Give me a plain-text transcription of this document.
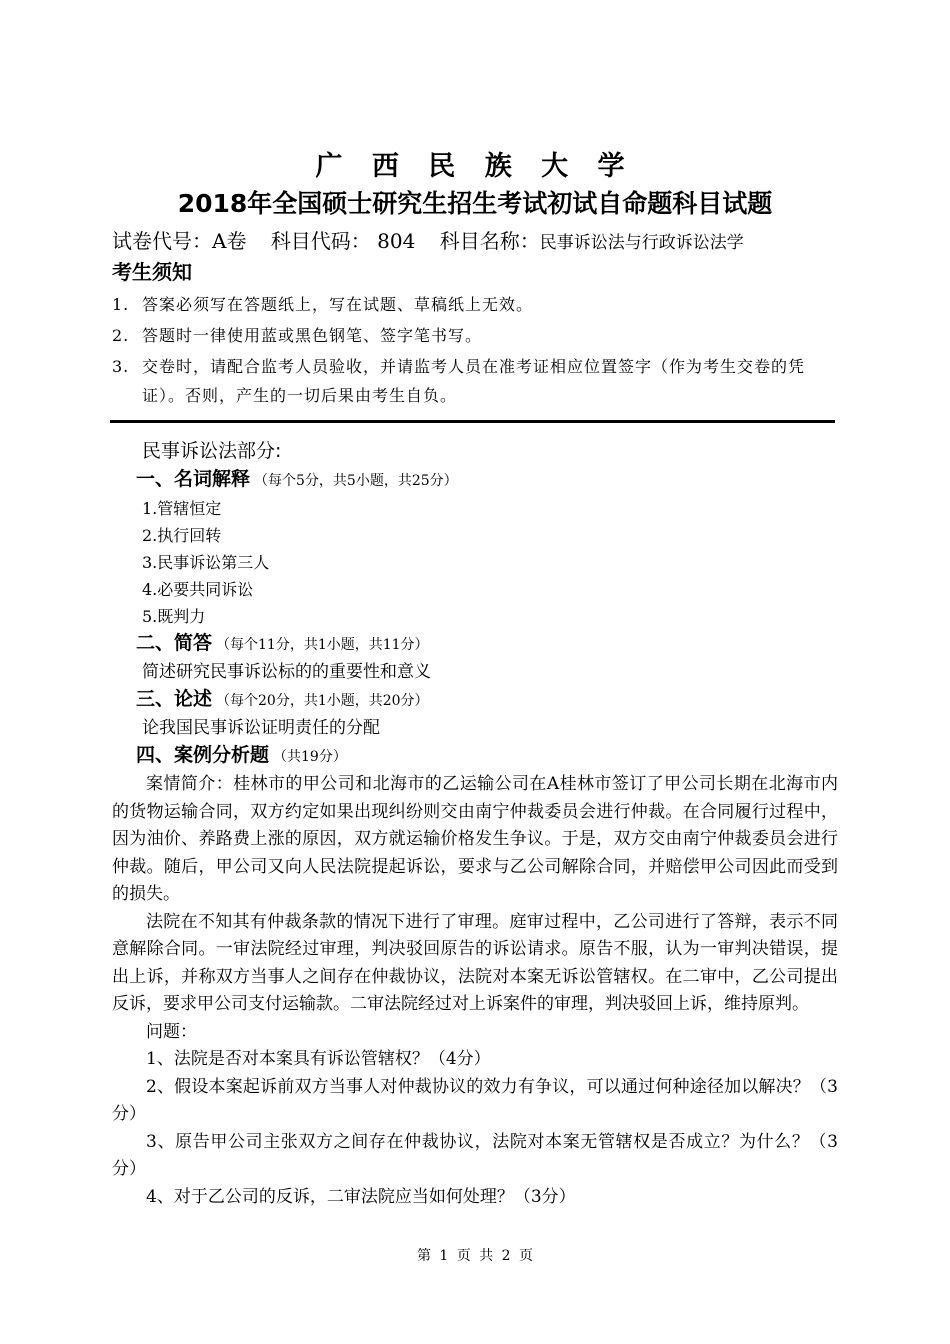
广 西 民 族 大 学
2018年全国硕士研究生招生考试初试自命题科目试题
试卷代号：A卷 科目代码： 804 科目名称：民事诉讼法与行政诉讼法学
考生须知
1. 答案必须写在答题纸上，写在试题、草稿纸上无效。
2. 答题时一律使用蓝或黑色钢笔、签字笔书写。
3. 交卷时，请配合监考人员验收，并请监考人员在准考证相应位置签字（作为考生交卷的凭证）。否则，产生的一切后果由考生自负。
民事诉讼法部分:
一、名词解释 （每个5分，共5小题，共25分）
1.管辖恒定
2.执行回转
3.民事诉讼第三人
4.必要共同诉讼
5.既判力
二、简答 （每个11分，共1小题，共11分）
简述研究民事诉讼标的的重要性和意义
三、论述 （每个20分，共1小题，共20分）
论我国民事诉讼证明责任的分配
四、案例分析题 （共19分）
案情简介：桂林市的甲公司和北海市的乙运输公司在A桂林市签订了甲公司长期在北海市内的货物运输合同，双方约定如果出现纠纷则交由南宁仲裁委员会进行仲裁。在合同履行过程中，因为油价、养路费上涨的原因，双方就运输价格发生争议。于是，双方交由南宁仲裁委员会进行仲裁。随后，甲公司又向人民法院提起诉讼，要求与乙公司解除合同，并赔偿甲公司因此而受到的损失。
法院在不知其有仲裁条款的情况下进行了审理。庭审过程中，乙公司进行了答辩，表示不同意解除合同。一审法院经过审理，判决驳回原告的诉讼请求。原告不服，认为一审判决错误，提出上诉，并称双方当事人之间存在仲裁协议，法院对本案无诉讼管辖权。在二审中，乙公司提出反诉，要求甲公司支付运输款。二审法院经过对上诉案件的审理，判决驳回上诉，维持原判。
问题：
1、法院是否对本案具有诉讼管辖权？（4分）
2、假设本案起诉前双方当事人对仲裁协议的效力有争议，可以通过何种途径加以解决？（3分）
3、原告甲公司主张双方之间存在仲裁协议，法院对本案无管辖权是否成立？为什么？（3分）
4、对于乙公司的反诉，二审法院应当如何处理？（3分）
第 1 页 共 2 页
